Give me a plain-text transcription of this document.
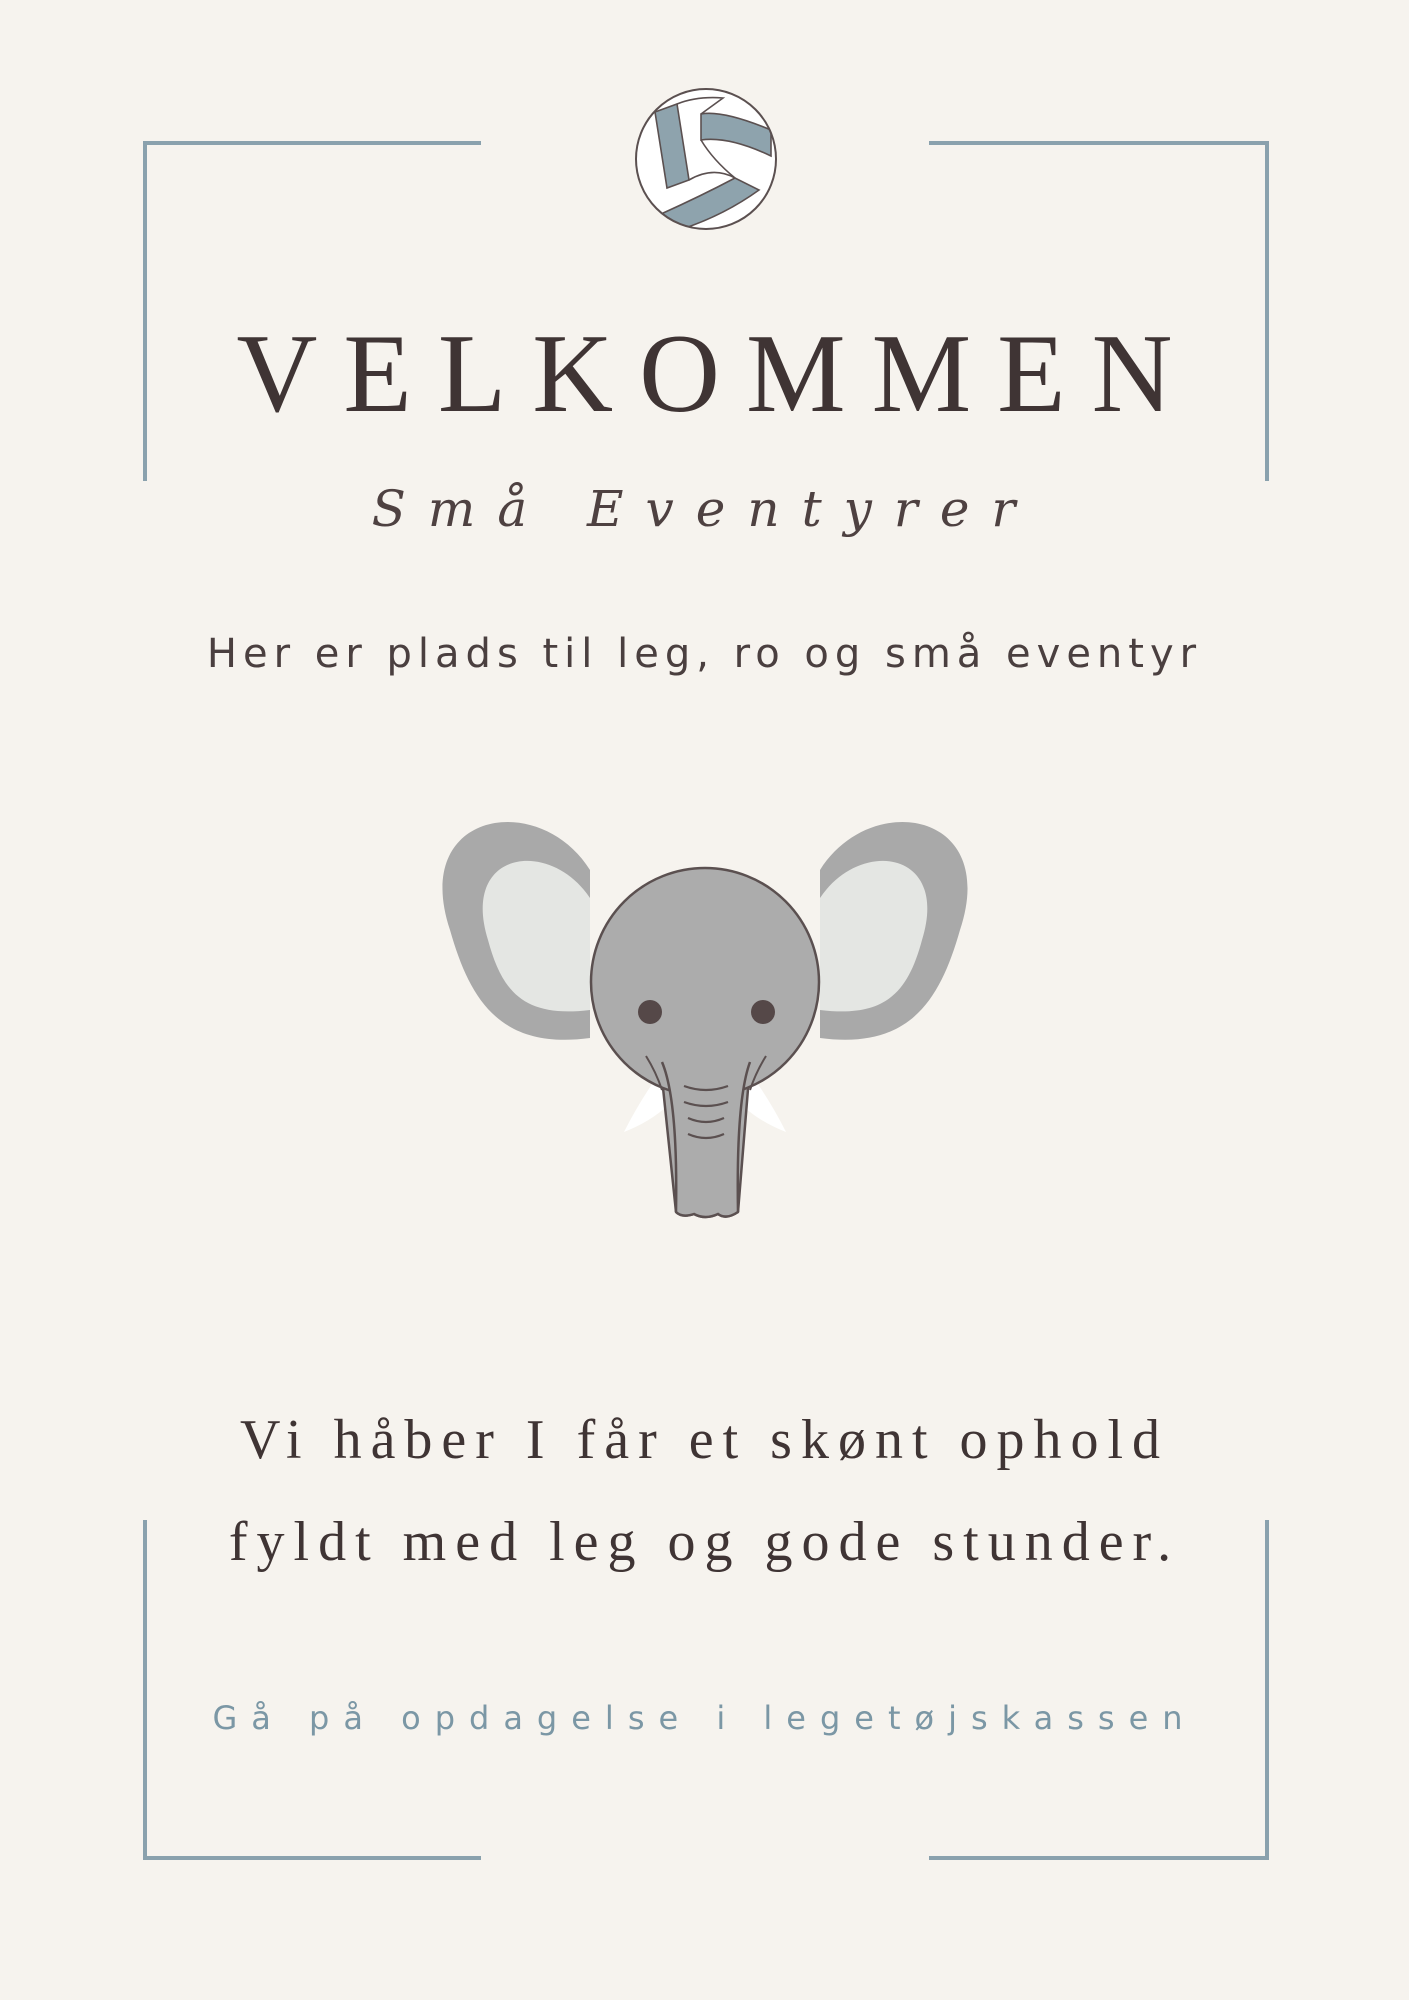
VELKOMMEN
Små Eventyrer
Her er plads til leg, ro og små eventyr
Vi håber I får et skønt ophold
fyldt med leg og gode stunder.
Gå på opdagelse i legetøjskassen
